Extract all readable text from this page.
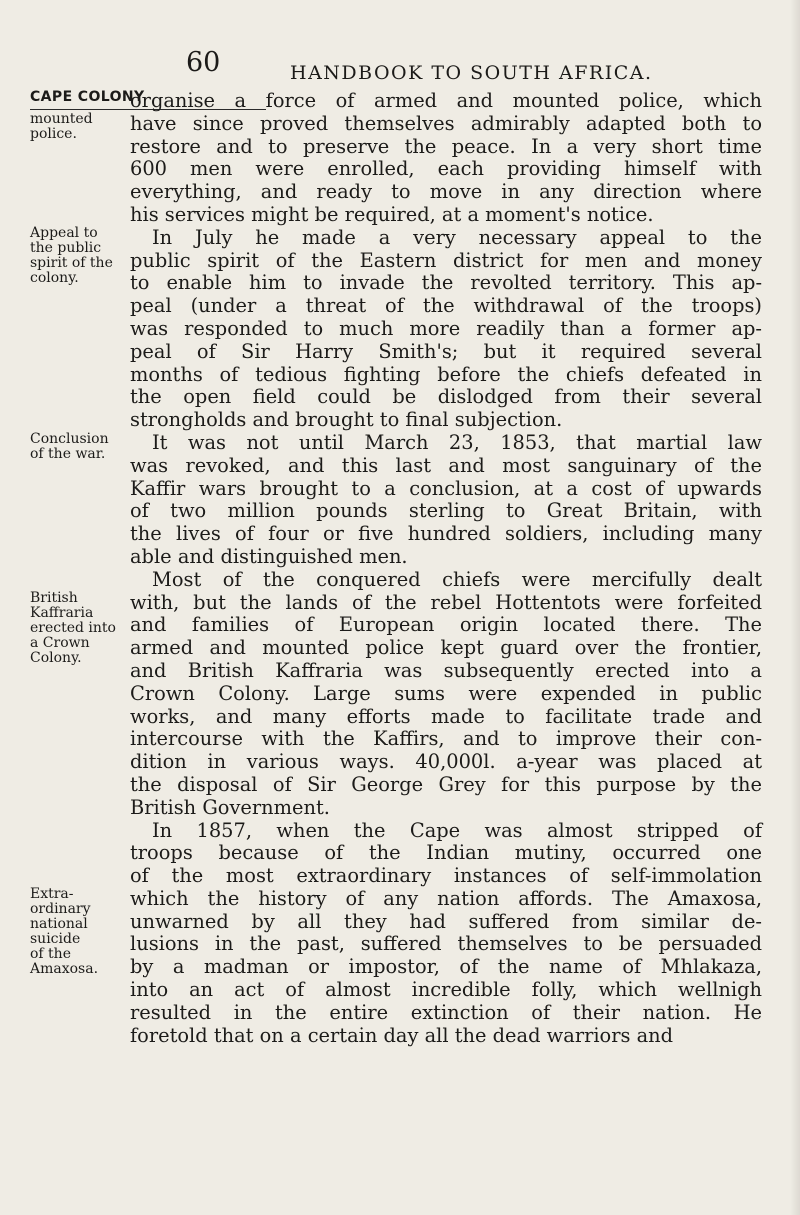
60	HANDBOOK TO SOUTH AFRICA.
CAPE COLONY
mounted
police.
Appeal to
the public
spirit of the
colony.
Conclusion
of the war.
British
Kaffraria
erected into
a Crown
Colony.
Extra-
ordinary
national
suicide
of the
Amaxosa.
organise a force of armed and mounted police, which
have since proved themselves admirably adapted both to
restore and to preserve the peace. In a very short time
600 men were enrolled, each providing himself with
everything, and ready to move in any direction where
his services might be required, at a moment's notice.
In July he made a very necessary appeal to the
public spirit of the Eastern district for men and money
to enable him to invade the revolted territory. This ap-
peal (under a threat of the withdrawal of the troops)
was responded to much more readily than a former ap-
peal of Sir Harry Smith's; but it required several
months of tedious fighting before the chiefs defeated in
the open field could be dislodged from their several
strongholds and brought to final subjection.
It was not until March 23, 1853, that martial law
was revoked, and this last and most sanguinary of the
Kaffir wars brought to a conclusion, at a cost of upwards
of two million pounds sterling to Great Britain, with
the lives of four or five hundred soldiers, including many
able and distinguished men.
Most of the conquered chiefs were mercifully dealt
with, but the lands of the rebel Hottentots were forfeited
and families of European origin located there. The
armed and mounted police kept guard over the frontier,
and British Kaffraria was subsequently erected into a
Crown Colony. Large sums were expended in public
works, and many efforts made to facilitate trade and
intercourse with the Kaffirs, and to improve their con-
dition in various ways. 40,000l. a-year was placed at
the disposal of Sir George Grey for this purpose by the
British Government.
In 1857, when the Cape was almost stripped of
troops because of the Indian mutiny, occurred one
of the most extraordinary instances of self-immolation
which the history of any nation affords. The Amaxosa,
unwarned by all they had suffered from similar de-
lusions in the past, suffered themselves to be persuaded
by a madman or impostor, of the name of Mhlakaza,
into an act of almost incredible folly, which wellnigh
resulted in the entire extinction of their nation. He
foretold that on a certain day all the dead warriors and
